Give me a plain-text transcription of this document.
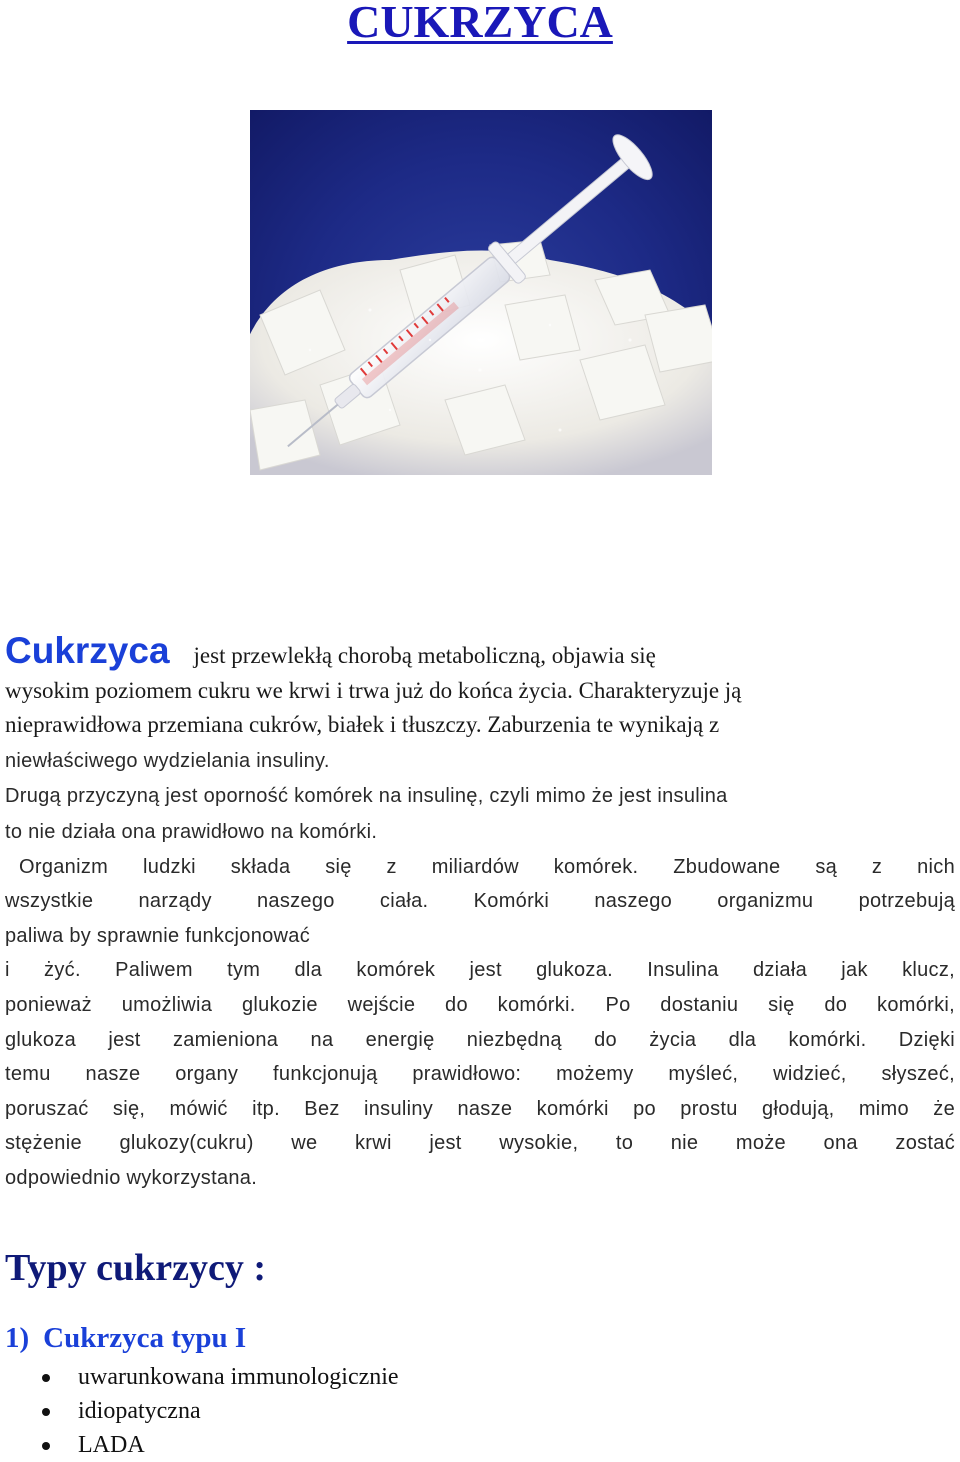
CUKRZYCA

Cukrzyca jest przewlekłą chorobą metaboliczną, objawia się
wysokim poziomem cukru we krwi i trwa już do końca życia. Charakteryzuje ją
nieprawidłowa przemiana cukrów, białek i tłuszczy. Zaburzenia te wynikają z
niewłaściwego wydzielania insuliny.
Drugą przyczyną jest oporność komórek na insulinę, czyli mimo że jest insulina
to nie działa ona prawidłowo na komórki.

Organizm ludzki składa się z miliardów komórek. Zbudowane są z nich
wszystkie narządy naszego ciała. Komórki naszego organizmu potrzebują
paliwa by sprawnie funkcjonować
i żyć. Paliwem tym dla komórek jest glukoza. Insulina działa jak klucz,
ponieważ umożliwia glukozie wejście do komórki. Po dostaniu się do komórki,
glukoza jest zamieniona na energię niezbędną do życia dla komórki. Dzięki
temu nasze organy funkcjonują prawidłowo: możemy myśleć, widzieć, słyszeć,
poruszać się, mówić itp. Bez insuliny nasze komórki po prostu głodują, mimo że
stężenie glukozy(cukru) we krwi jest wysokie, to nie może ona zostać
odpowiednio wykorzystana.
Typy cukrzycy :
1) Cukrzyca typu I
uwarunkowana immunologicznie
idiopatyczna
LADA
